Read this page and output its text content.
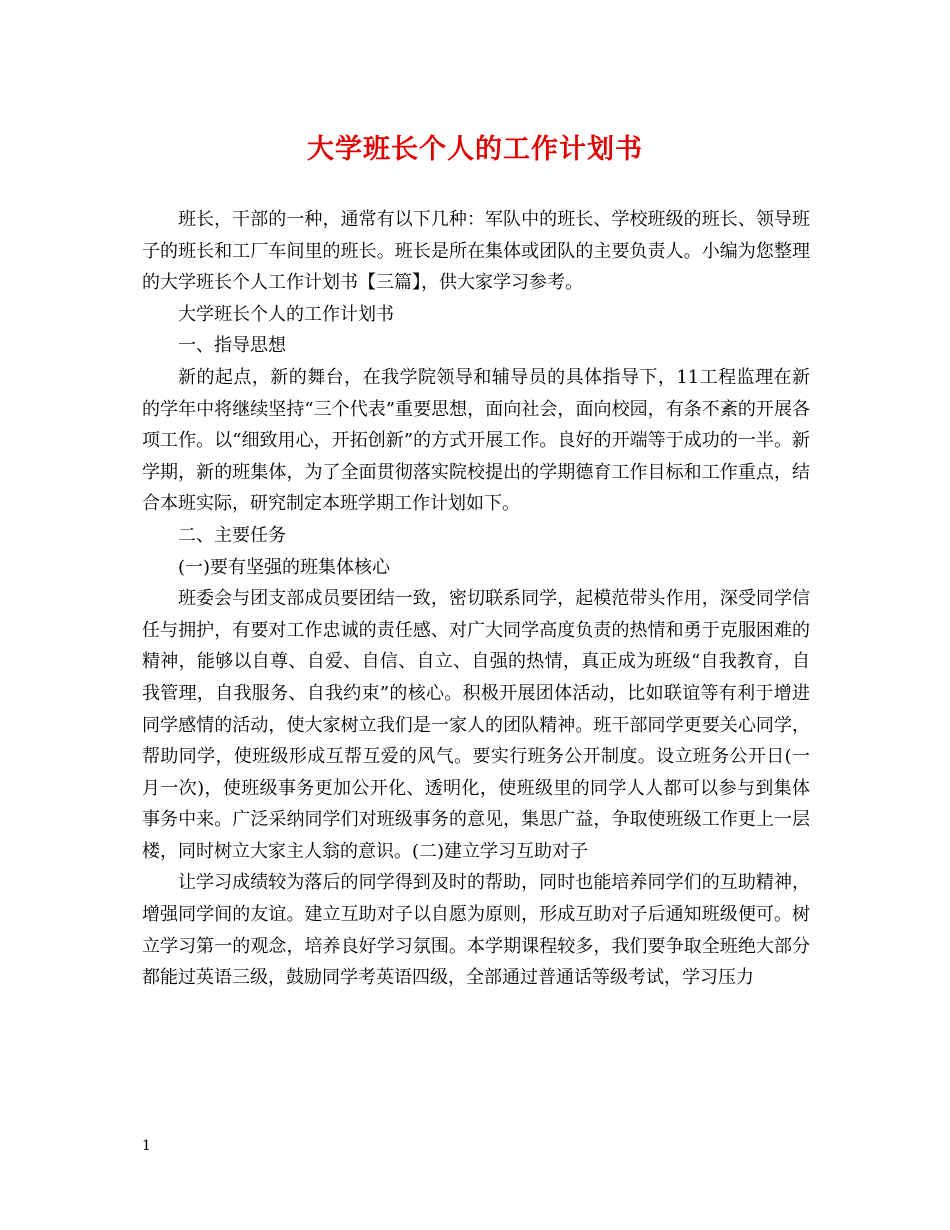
大学班长个人的工作计划书

班长，干部的一种，通常有以下几种：军队中的班长、学校班级的班长、领导班子的班长和工厂车间里的班长。班长是所在集体或团队的主要负责人。小编为您整理的大学班长个人工作计划书【三篇】，供大家学习参考。

大学班长个人的工作计划书

一、指导思想

新的起点，新的舞台，在我学院领导和辅导员的具体指导下，11工程监理在新的学年中将继续坚持“三个代表”重要思想，面向社会，面向校园，有条不紊的开展各项工作。以“细致用心，开拓创新”的方式开展工作。良好的开端等于成功的一半。新学期，新的班集体，为了全面贯彻落实院校提出的学期德育工作目标和工作重点，结合本班实际，研究制定本班学期工作计划如下。

二、主要任务

(一)要有坚强的班集体核心

班委会与团支部成员要团结一致，密切联系同学，起模范带头作用，深受同学信任与拥护，有要对工作忠诚的责任感、对广大同学高度负责的热情和勇于克服困难的精神，能够以自尊、自爱、自信、自立、自强的热情，真正成为班级“自我教育，自我管理，自我服务、自我约束”的核心。积极开展团体活动，比如联谊等有利于增进同学感情的活动，使大家树立我们是一家人的团队精神。班干部同学更要关心同学，帮助同学，使班级形成互帮互爱的风气。要实行班务公开制度。设立班务公开日(一月一次)，使班级事务更加公开化、透明化，使班级里的同学人人都可以参与到集体事务中来。广泛采纳同学们对班级事务的意见，集思广益，争取使班级工作更上一层楼，同时树立大家主人翁的意识。(二)建立学习互助对子

让学习成绩较为落后的同学得到及时的帮助，同时也能培养同学们的互助精神，增强同学间的友谊。建立互助对子以自愿为原则，形成互助对子后通知班级便可。树立学习第一的观念，培养良好学习氛围。本学期课程较多，我们要争取全班绝大部分都能过英语三级，鼓励同学考英语四级，全部通过普通话等级考试，学习压力

1
